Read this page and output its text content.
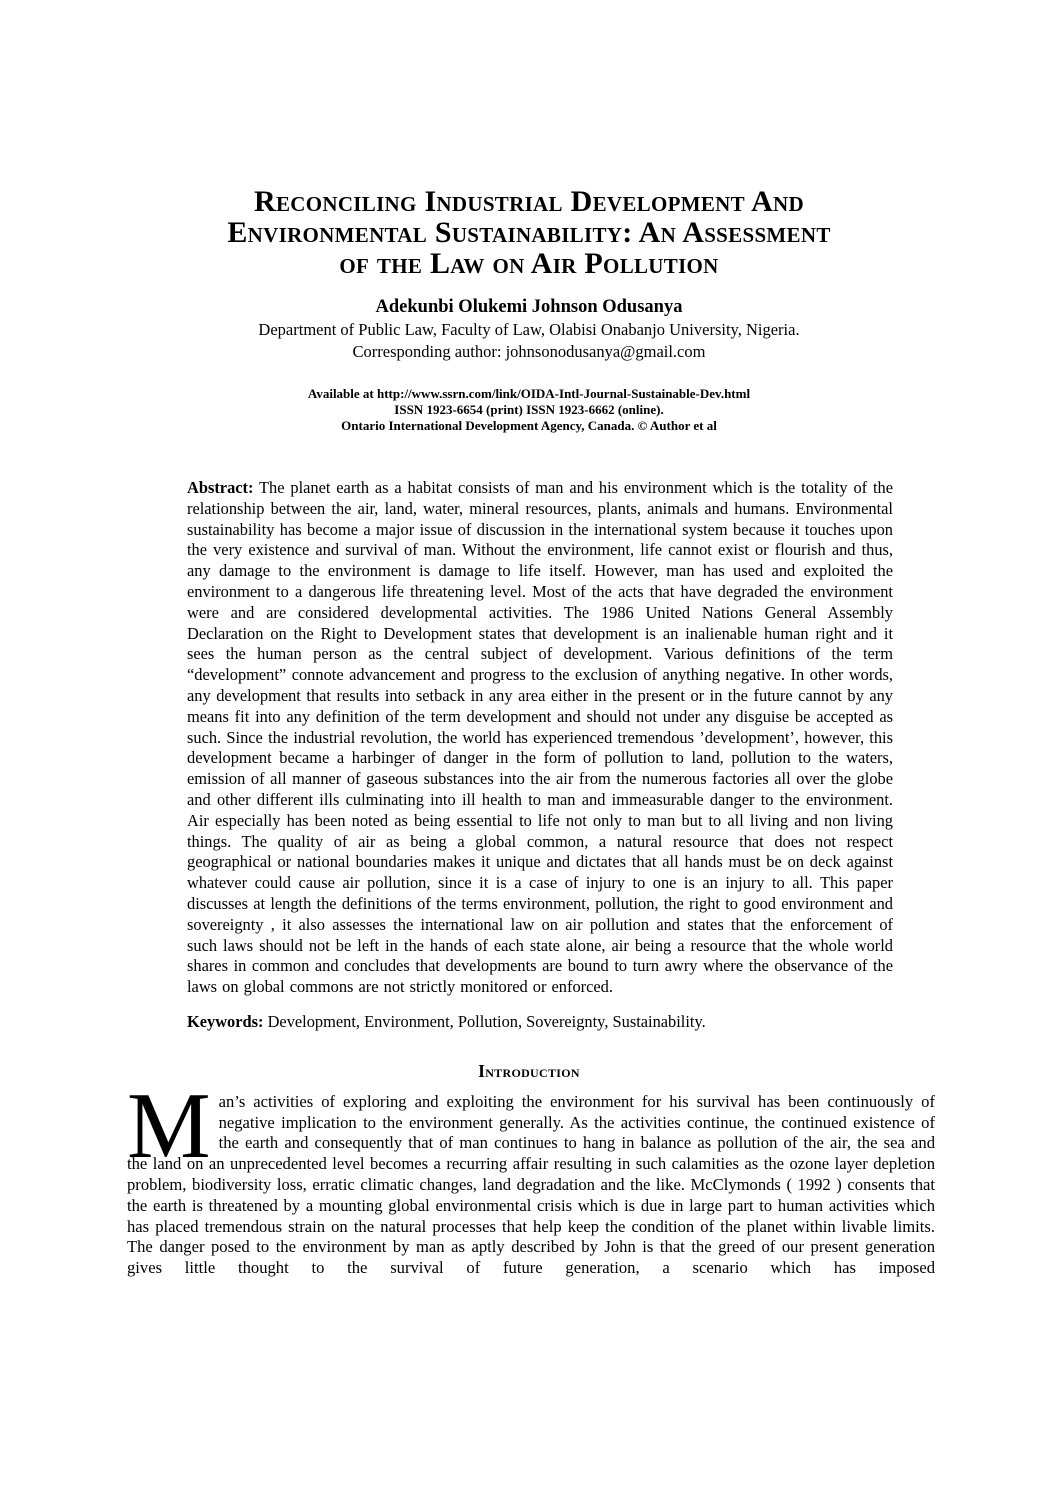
Reconciling Industrial Development And
Environmental Sustainability: An Assessment
of the Law on Air Pollution
Adekunbi Olukemi Johnson Odusanya
Department of Public Law, Faculty of Law, Olabisi Onabanjo University, Nigeria.
Corresponding author: johnsonodusanya@gmail.com
Available at http://www.ssrn.com/link/OIDA-Intl-Journal-Sustainable-Dev.html
ISSN 1923-6654 (print) ISSN 1923-6662 (online).
Ontario International Development Agency, Canada. © Author et al

Abstract: The planet earth as a habitat consists of man and his environment which is the totality of the relationship between the air, land, water, mineral resources, plants, animals and humans. Environmental sustainability has become a major issue of discussion in the international system because it touches upon the very existence and survival of man. Without the environment, life cannot exist or flourish and thus, any damage to the environment is damage to life itself. However, man has used and exploited the environment to a dangerous life threatening level. Most of the acts that have degraded the environment were and are considered developmental activities. The 1986 United Nations General Assembly Declaration on the Right to Development states that development is an inalienable human right and it sees the human person as the central subject of development. Various definitions of the term “development” connote advancement and progress to the exclusion of anything negative. In other words, any development that results into setback in any area either in the present or in the future cannot by any means fit into any definition of the term development and should not under any disguise be accepted as such. Since the industrial revolution, the world has experienced tremendous ’development’, however, this development became a harbinger of danger in the form of pollution to land, pollution to the waters, emission of all manner of gaseous substances into the air from the numerous factories all over the globe and other different ills culminating into ill health to man and immeasurable danger to the environment. Air especially has been noted as being essential to life not only to man but to all living and non living things. The quality of air as being a global common, a natural resource that does not respect geographical or national boundaries makes it unique and dictates that all hands must be on deck against whatever could cause air pollution, since it is a case of injury to one is an injury to all. This paper discusses at length the definitions of the terms environment, pollution, the right to good environment and sovereignty , it also assesses the international law on air pollution and states that the enforcement of such laws should not be left in the hands of each state alone, air being a resource that the whole world shares in common and concludes that developments are bound to turn awry where the observance of the laws on global commons are not strictly monitored or enforced.

Keywords: Development, Environment, Pollution, Sovereignty, Sustainability.

Introduction

Man’s activities of exploring and exploiting the environment for his survival has been continuously of negative implication to the environment generally. As the activities continue, the continued existence of the earth and consequently that of man continues to hang in balance as pollution of the air, the sea and the land on an unprecedented level becomes a recurring affair resulting in such calamities as the ozone layer depletion problem, biodiversity loss, erratic climatic changes, land degradation and the like. McClymonds ( 1992 ) consents that the earth is threatened by a mounting global environmental crisis which is due in large part to human activities which has placed tremendous strain on the natural processes that help keep the condition of the planet within livable limits. The danger posed to the environment by man as aptly described by John is that the greed of our present generation gives little thought to the survival of future generation, a scenario which has imposed
